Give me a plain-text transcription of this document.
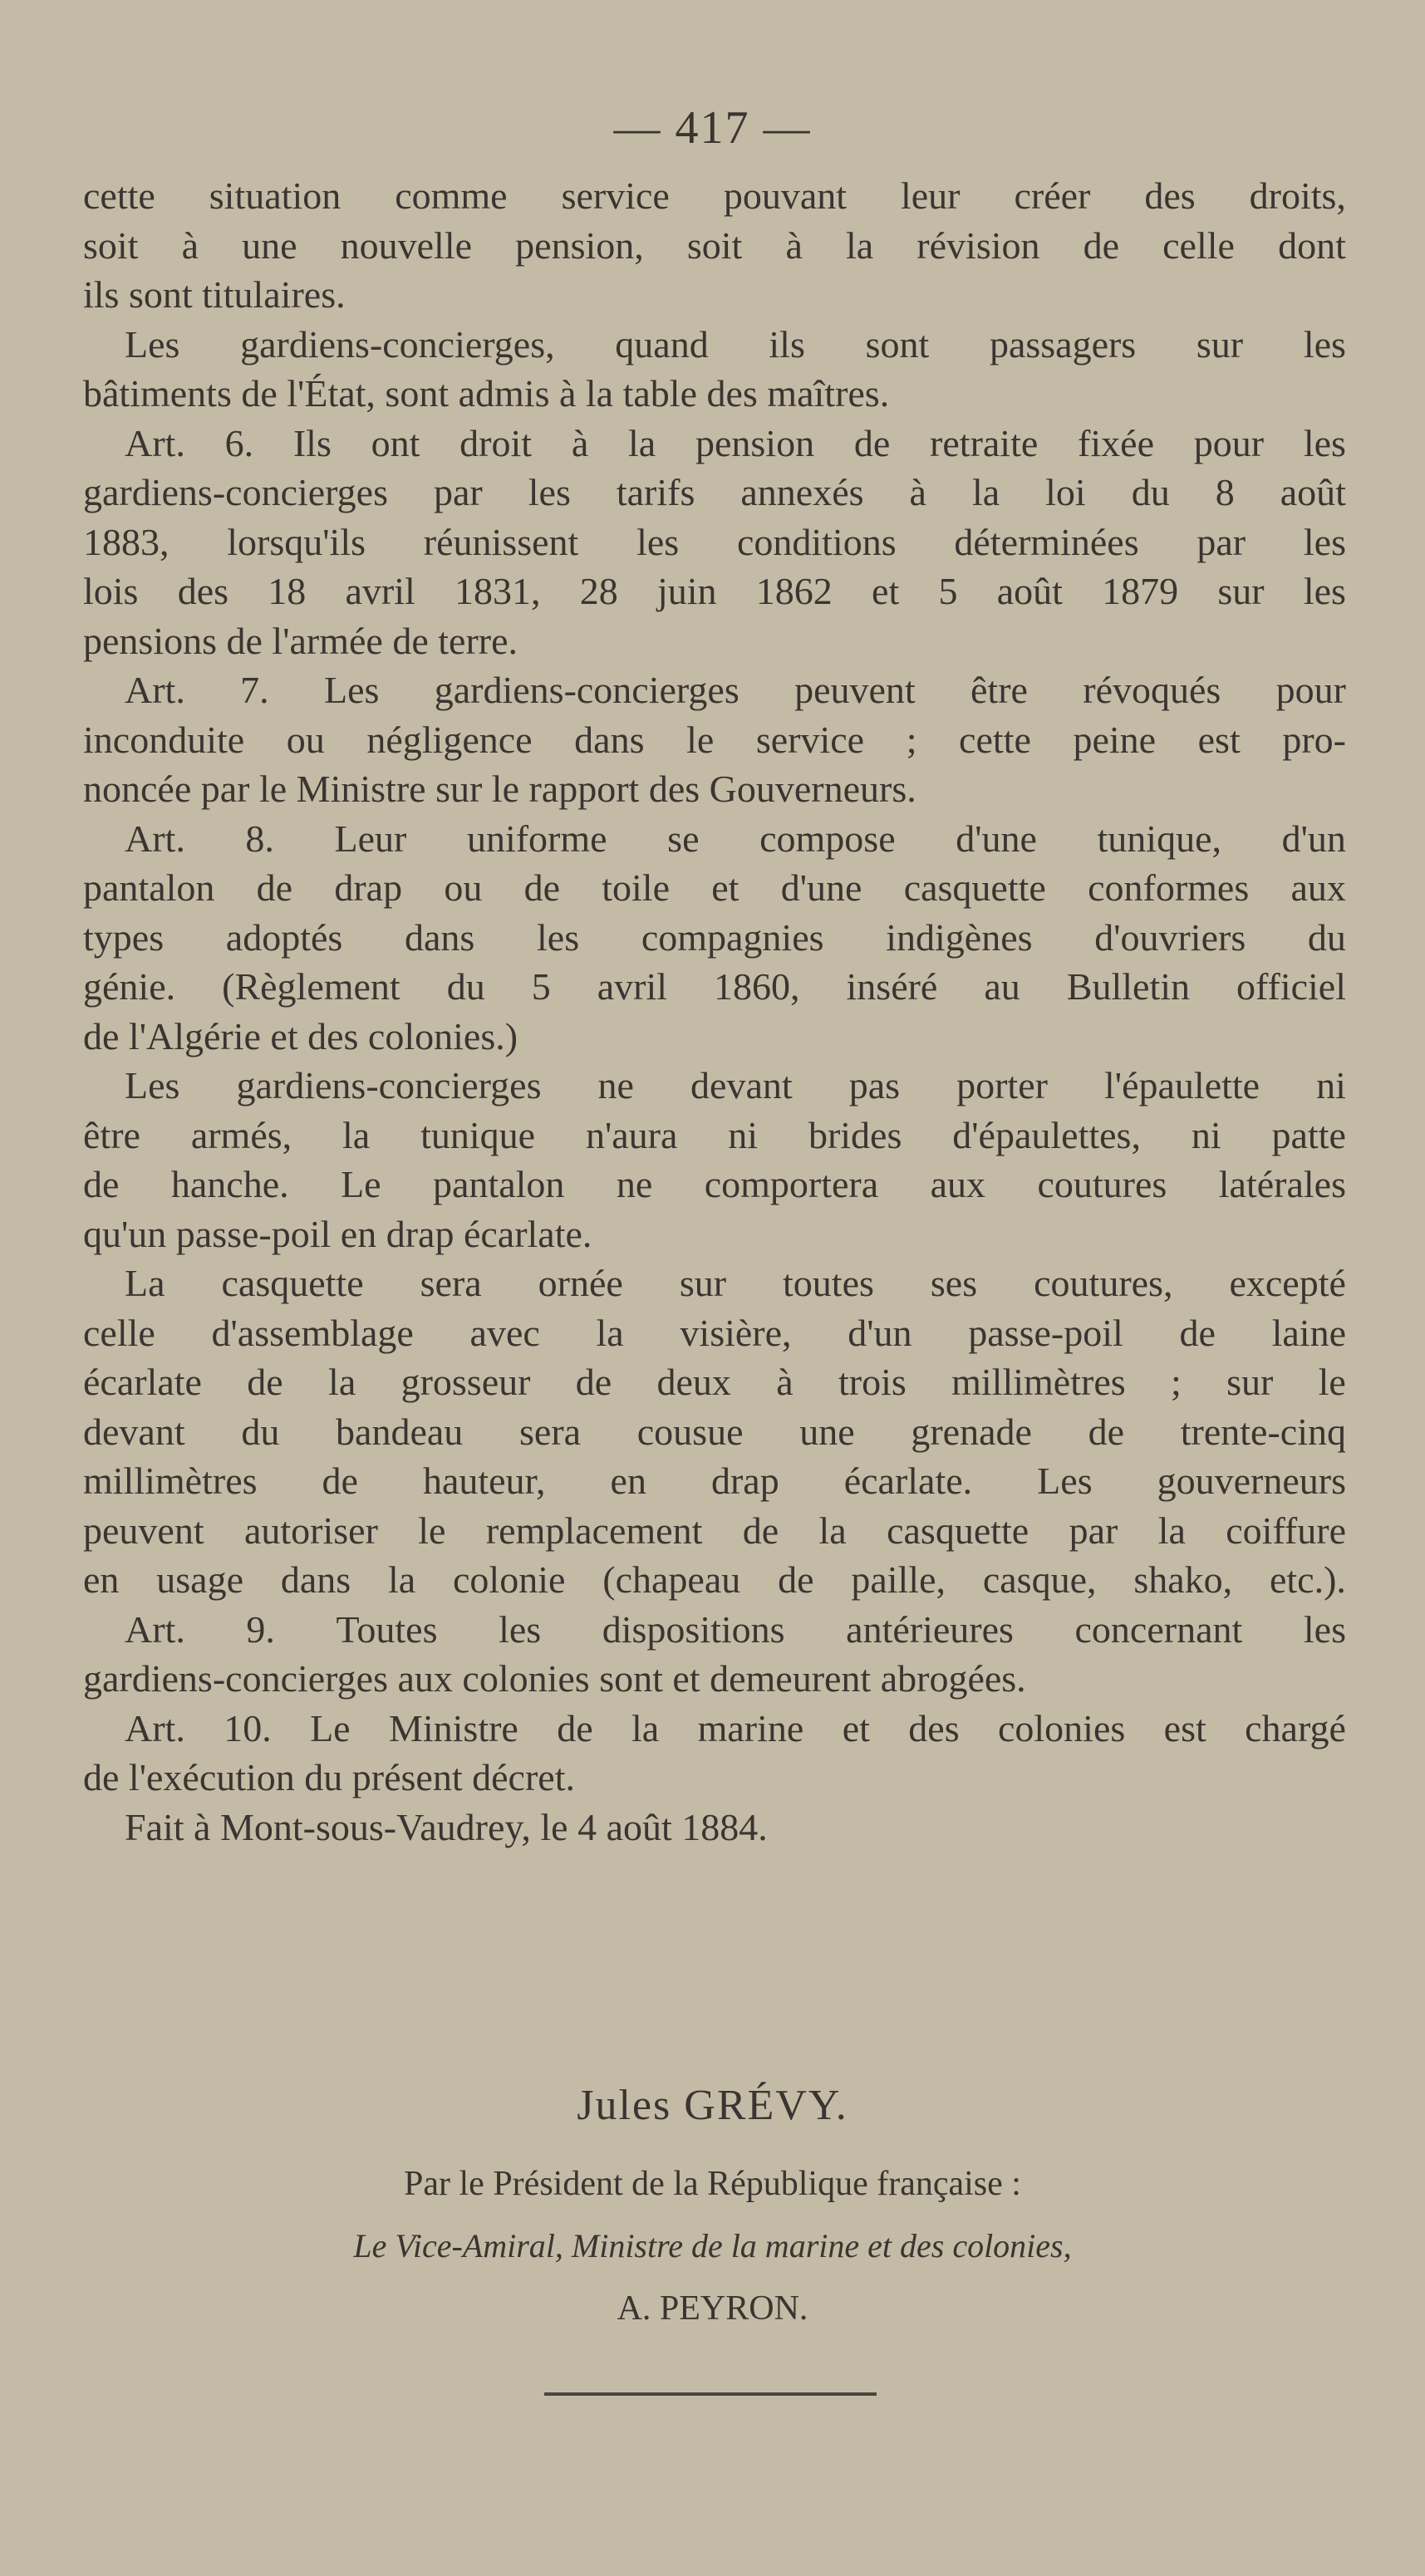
— 417 —
cette situation comme service pouvant leur créer des droits,
soit à une nouvelle pension, soit à la révision de celle dont
ils sont titulaires.
Les gardiens-concierges, quand ils sont passagers sur les
bâtiments de l'État, sont admis à la table des maîtres.
Art. 6. Ils ont droit à la pension de retraite fixée pour les
gardiens-concierges par les tarifs annexés à la loi du 8 août
1883, lorsqu'ils réunissent les conditions déterminées par les
lois des 18 avril 1831, 28 juin 1862 et 5 août 1879 sur les
pensions de l'armée de terre.
Art. 7. Les gardiens-concierges peuvent être révoqués pour
inconduite ou négligence dans le service ; cette peine est pro-
noncée par le Ministre sur le rapport des Gouverneurs.
Art. 8. Leur uniforme se compose d'une tunique, d'un
pantalon de drap ou de toile et d'une casquette conformes aux
types adoptés dans les compagnies indigènes d'ouvriers du
génie. (Règlement du 5 avril 1860, inséré au Bulletin officiel
de l'Algérie et des colonies.)
Les gardiens-concierges ne devant pas porter l'épaulette ni
être armés, la tunique n'aura ni brides d'épaulettes, ni patte
de hanche. Le pantalon ne comportera aux coutures latérales
qu'un passe-poil en drap écarlate.
La casquette sera ornée sur toutes ses coutures, excepté
celle d'assemblage avec la visière, d'un passe-poil de laine
écarlate de la grosseur de deux à trois millimètres ; sur le
devant du bandeau sera cousue une grenade de trente-cinq
millimètres de hauteur, en drap écarlate. Les gouverneurs
peuvent autoriser le remplacement de la casquette par la coiffure
en usage dans la colonie (chapeau de paille, casque, shako, etc.).
Art. 9. Toutes les dispositions antérieures concernant les
gardiens-concierges aux colonies sont et demeurent abrogées.
Art. 10. Le Ministre de la marine et des colonies est chargé
de l'exécution du présent décret.
Fait à Mont-sous-Vaudrey, le 4 août 1884.
Jules GRÉVY.
Par le Président de la République française :
Le Vice-Amiral, Ministre de la marine et des colonies,
A. PEYRON.
